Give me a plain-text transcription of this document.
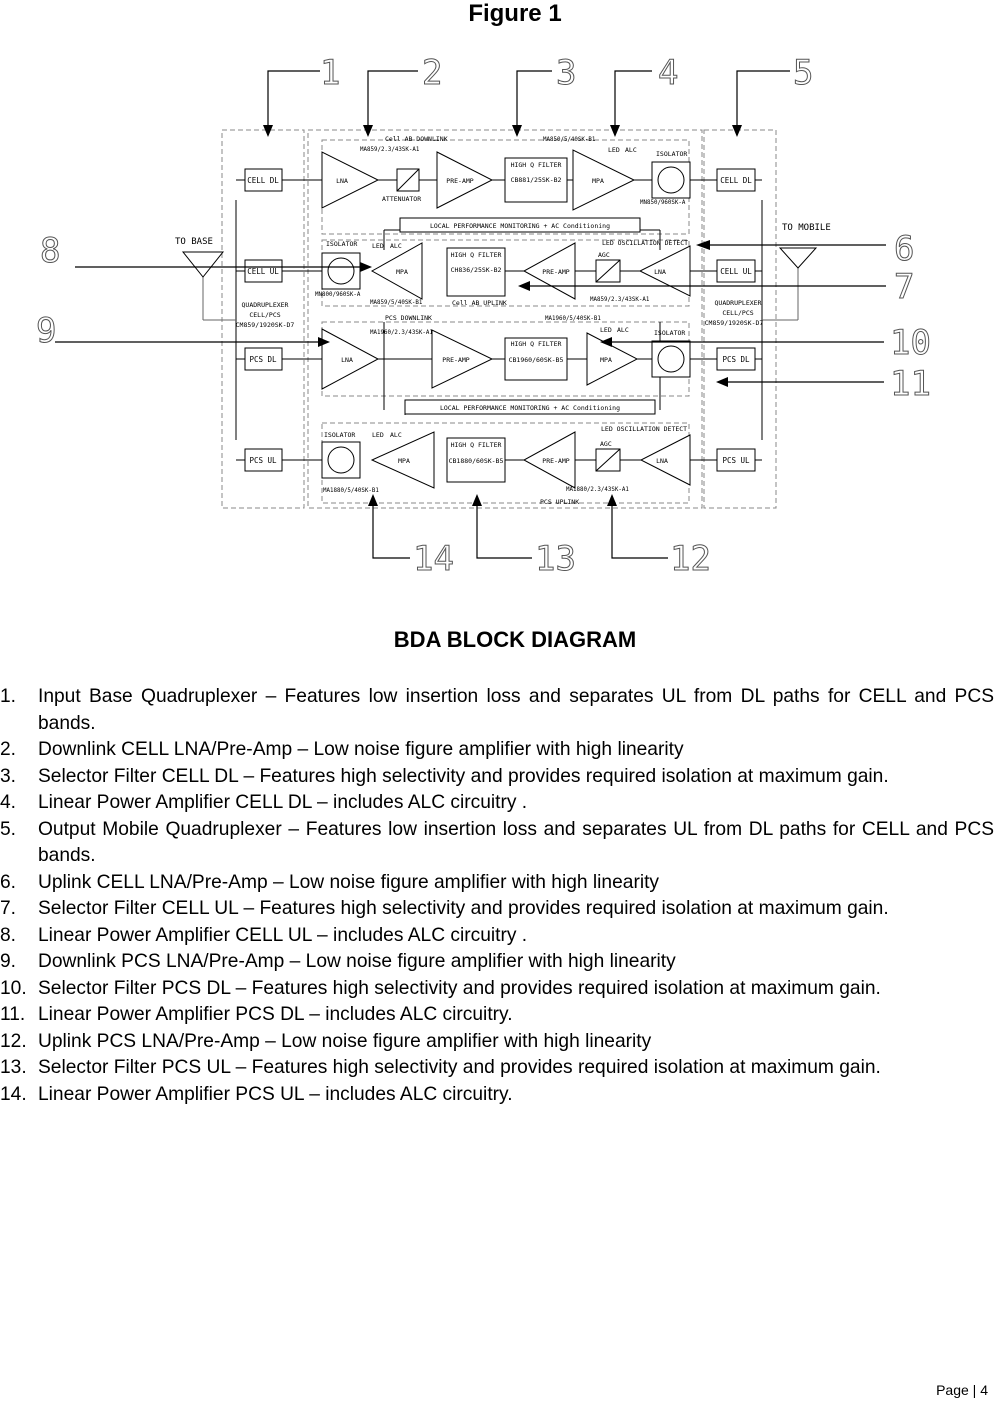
Figure 1
CELL DL
CELL UL
PCS DL
PCS UL
CELL DL
CELL UL
PCS DL
PCS UL
TO BASE
TO MOBILE
QUADRUPLEXER
CELL/PCS
CM859/1920SK-D7
QUADRUPLEXER
CELL/PCS
CM859/1920SK-D7
LOCAL PERFORMANCE MONITORING + AC Conditioning
LOCAL PERFORMANCE MONITORING + AC Conditioning
LNA	PRE-AMP	MPA
MPA	PRE-AMP	LNA
LNA	PRE-AMP	MPA
MPA	PRE-AMP	LNA
HIGH Q FILTER
CB881/25SK-B2
HIGH Q FILTER
CH836/25SK-B2
HIGH Q FILTER
CB1960/60SK-B5
HIGH Q FILTER
CB1880/60SK-B5
ATTENUATOR
AGC
AGC
ISOLATOR
ISOLATOR
ISOLATOR
ISOLATOR
Cell AB DOWNLINK
Cell AB UPLINK
PCS DOWNLINK
PCS UPLINK
LED ALC
LED ALC
LED ALC
LED ALC
LED OSCILLATION DETECT
LED OSCILLATION DETECT
MA859/2.3/43SK-A1
MA850/5/40SK-B1
MN850/960SK-A
MN800/960SK-A
MA859/5/40SK-B1	MA859/2.3/43SK-A1
MA1960/2.3/43SK-A1
MA1960/5/40SK-B1
MA1880/5/40SK-B1	MA1880/2.3/43SK-A1
1 2	3 4	5
6
7
8
9	10
11
12
13
14
BDA BLOCK DIAGRAM
1. Input Base Quadruplexer – Features low insertion loss and separates UL from DL paths for CELL and PCS bands.
2. Downlink CELL LNA/Pre-Amp – Low noise figure amplifier with high linearity
3. Selector Filter CELL DL – Features high selectivity and provides required isolation at maximum gain.
4. Linear Power Amplifier CELL DL – includes ALC circuitry .
5. Output Mobile Quadruplexer – Features low insertion loss and separates UL from DL paths for CELL and PCS bands.
6. Uplink CELL LNA/Pre-Amp – Low noise figure amplifier with high linearity
7. Selector Filter CELL UL – Features high selectivity and provides required isolation at maximum gain.
8. Linear Power Amplifier CELL UL – includes ALC circuitry .
9. Downlink PCS LNA/Pre-Amp – Low noise figure amplifier with high linearity
10. Selector Filter PCS DL – Features high selectivity and provides required isolation at maximum gain.
11. Linear Power Amplifier PCS DL – includes ALC circuitry.
12. Uplink PCS LNA/Pre-Amp – Low noise figure amplifier with high linearity
13. Selector Filter PCS UL – Features high selectivity and provides required isolation at maximum gain.
14. Linear Power Amplifier PCS UL – includes ALC circuitry.
Page | 4
